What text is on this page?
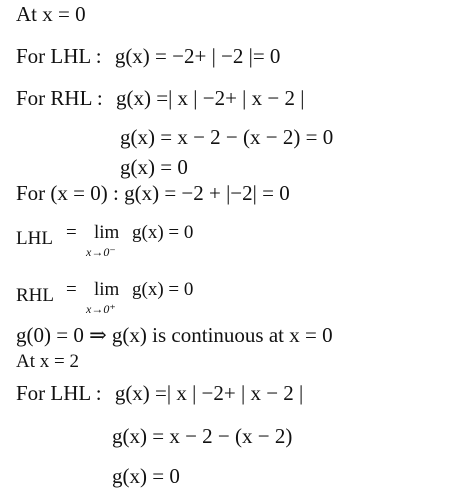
At x = 0
For LHL : g(x) = −2+ | −2 |= 0
For RHL : g(x) =| x | −2+ | x − 2 |
g(x) = x − 2 − (x − 2) = 0
g(x) = 0
For (x = 0) : g(x) = −2 + |−2| = 0
LHL = lim
x→0⁻
g(x) = 0
RHL = lim
x→0⁺
g(x) = 0
g(0) = 0 ⇒ g(x) is continuous at x = 0
At x = 2
For LHL : g(x) =| x | −2+ | x − 2 |
g(x) = x − 2 − (x − 2)
g(x) = 0
